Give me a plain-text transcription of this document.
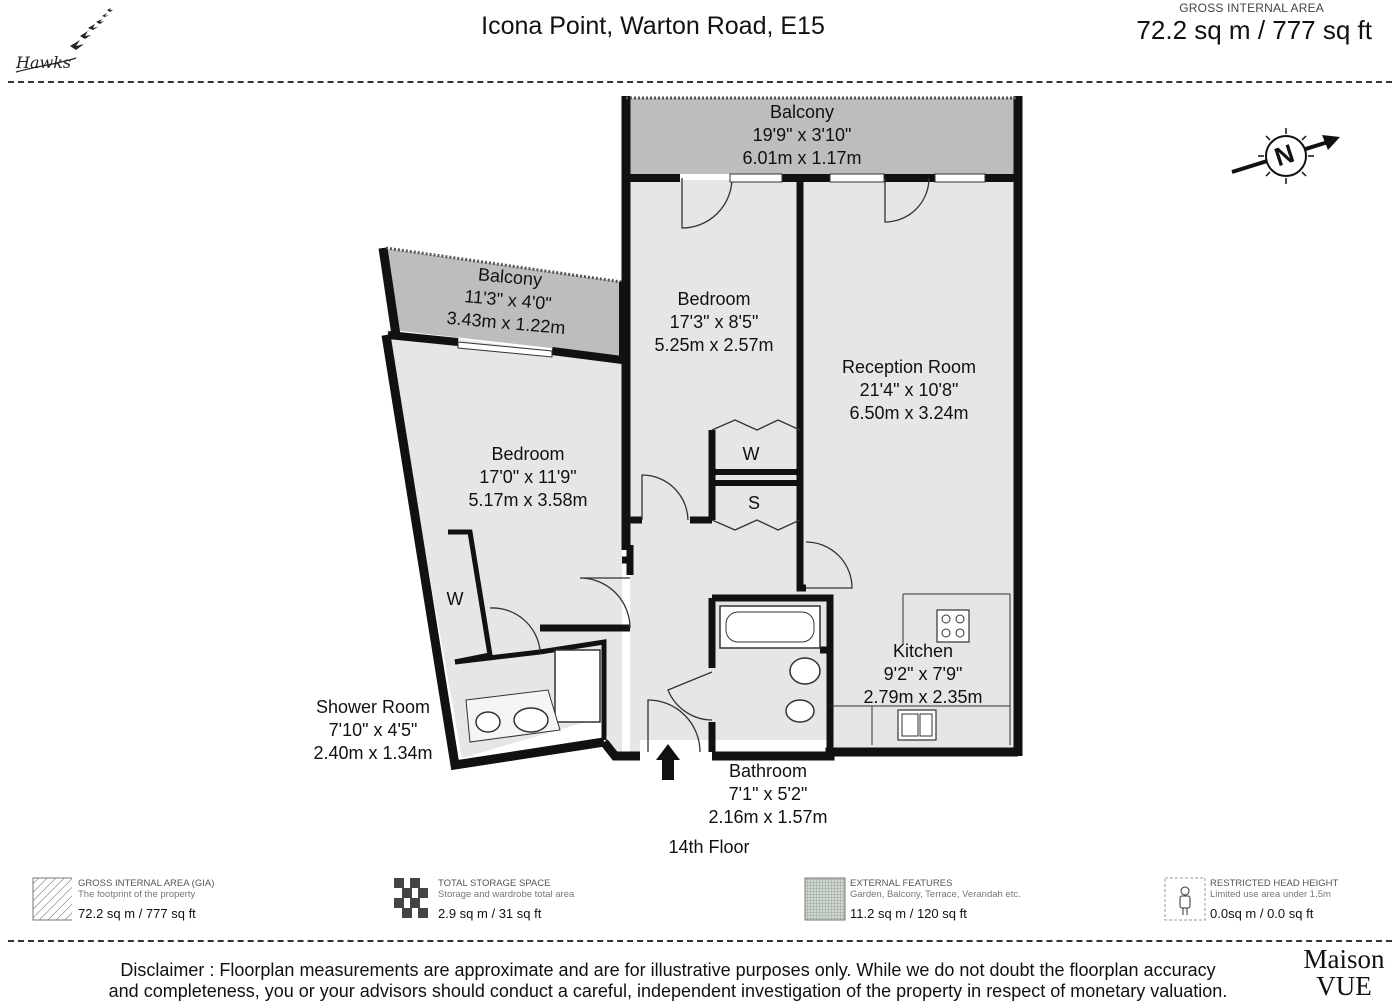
Icona Point, Warton Road, E15
GROSS INTERNAL AREA
72.2 sq m / 777 sq ft
Hawks
N
Balcony
19'9" x 3'10"
6.01m x 1.17m
Balcony
11'3" x 4'0"
3.43m x 1.22m
Bedroom
17'3" x 8'5"
5.25m x 2.57m
Reception Room
21'4" x 10'8"
6.50m x 3.24m
Bedroom
17'0" x 11'9"
5.17m x 3.58m
Kitchen
9'2" x 7'9"
2.79m x 2.35m
Shower Room
7'10" x 4'5"
2.40m x 1.34m
Bathroom
7'1" x 5'2"
2.16m x 1.57m
W
S
W
14th Floor
GROSS INTERNAL AREA (GIA)
The footprint of the property
72.2 sq m / 777 sq ft
TOTAL STORAGE SPACE
Storage and wardrobe total area
2.9 sq m / 31 sq ft
EXTERNAL FEATURES
Garden, Balcony, Terrace, Verandah etc.
11.2 sq m / 120 sq ft
RESTRICTED HEAD HEIGHT
Limited use area under 1.5m
0.0sq m / 0.0 sq ft
Disclaimer : Floorplan measurements are approximate and are for illustrative purposes only. While we do not doubt the floorplan accuracy
and completeness, you or your advisors should conduct a careful, independent investigation of the property in respect of monetary valuation.
Maison
VUE
